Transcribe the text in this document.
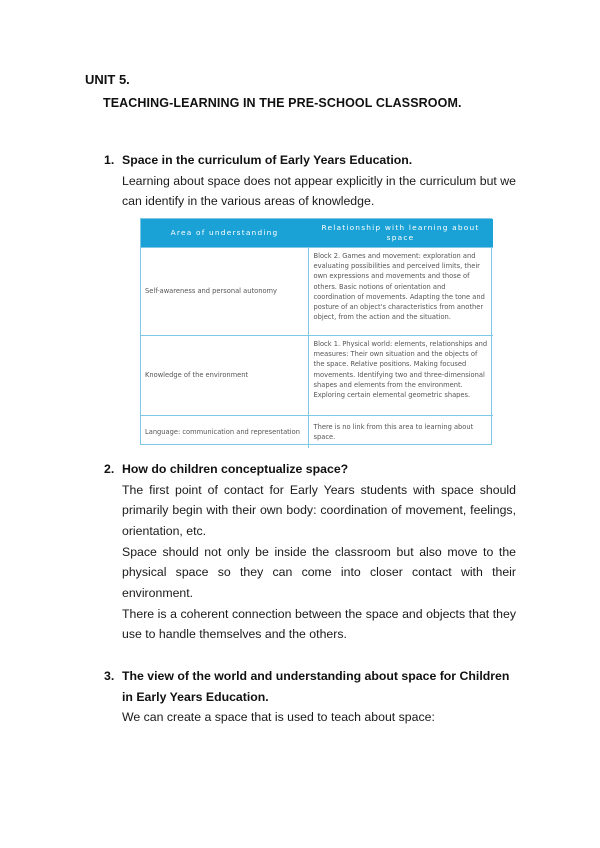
UNIT 5.
TEACHING-LEARNING IN THE PRE-SCHOOL CLASSROOM.
1. Space in the curriculum of Early Years Education.

Learning about space does not appear explicitly in the curriculum but we can identify in the various areas of knowledge.

Area of understanding	Relationship with learning about space
Self-awareness and personal autonomy	Block 2. Games and movement: exploration and evaluating possibilities and perceived limits, their own expressions and movements and those of others. Basic notions of orientation and coordination of movements. Adapting the tone and posture of an object's characteristics from another object, from the action and the situation.
Knowledge of the environment	Block 1. Physical world: elements, relationships and measures: Their own situation and the objects of the space. Relative positions. Making focused movements. Identifying two and three-dimensional shapes and elements from the environment. Exploring certain elemental geometric shapes.
Language: communication and representation	There is no link from this area to learning about space.
2. How do children conceptualize space?

The first point of contact for Early Years students with space should primarily begin with their own body: coordination of movement, feelings, orientation, etc.

Space should not only be inside the classroom but also move to the physical space so they can come into closer contact with their environment.

There is a coherent connection between the space and objects that they use to handle themselves and the others.

3. The view of the world and understanding about space for Children in Early Years Education.

We can create a space that is used to teach about space:
